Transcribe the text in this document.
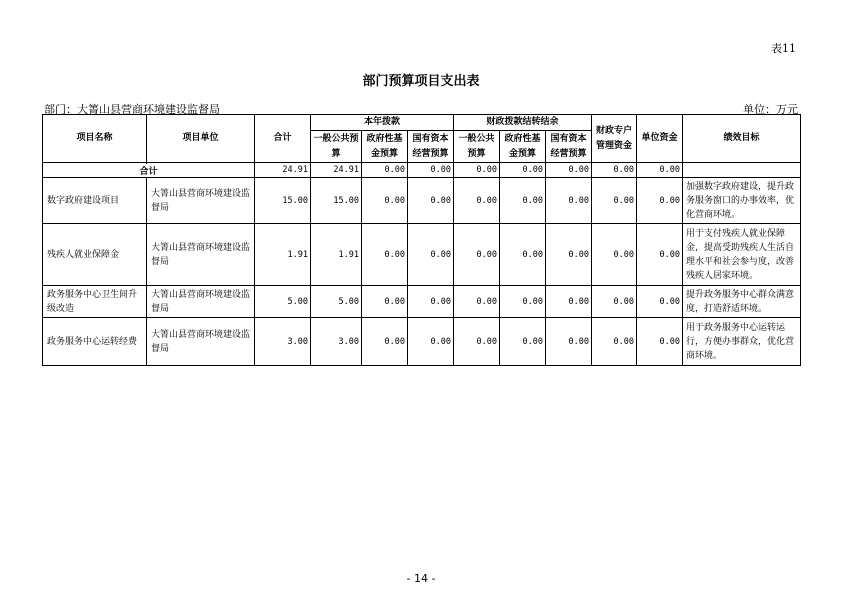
表11
部门预算项目支出表
部门：大箐山县营商环境建设监督局	单位：万元
项目名称	项目单位	合计	本年拨款			财政拨款结转结余			财政专户管理资金	单位资金	绩效目标
			一般公共预算	政府性基金预算	国有资本经营预算	一般公共预算	政府性基金预算	国有资本经营预算			

合计		24.91	24.91	0.00	0.00	0.00	0.00	0.00	0.00	0.00	
数字政府建设项目	大箐山县营商环境建设监督局	15.00	15.00	0.00	0.00	0.00	0.00	0.00	0.00	0.00	加强数字政府建设，提升政务服务窗口的办事效率，优化营商环境。
残疾人就业保障金	大箐山县营商环境建设监督局	1.91	1.91	0.00	0.00	0.00	0.00	0.00	0.00	0.00	用于支付残疾人就业保障金，提高受助残疾人生活自理水平和社会参与度，改善残疾人居家环境。
政务服务中心卫生间升级改造	大箐山县营商环境建设监督局	5.00	5.00	0.00	0.00	0.00	0.00	0.00	0.00	0.00	提升政务服务中心群众满意度，打造舒适环境。
政务服务中心运转经费	大箐山县营商环境建设监督局	3.00	3.00	0.00	0.00	0.00	0.00	0.00	0.00	0.00	用于政务服务中心运转运行，方便办事群众，优化营商环境。
- 14 -
